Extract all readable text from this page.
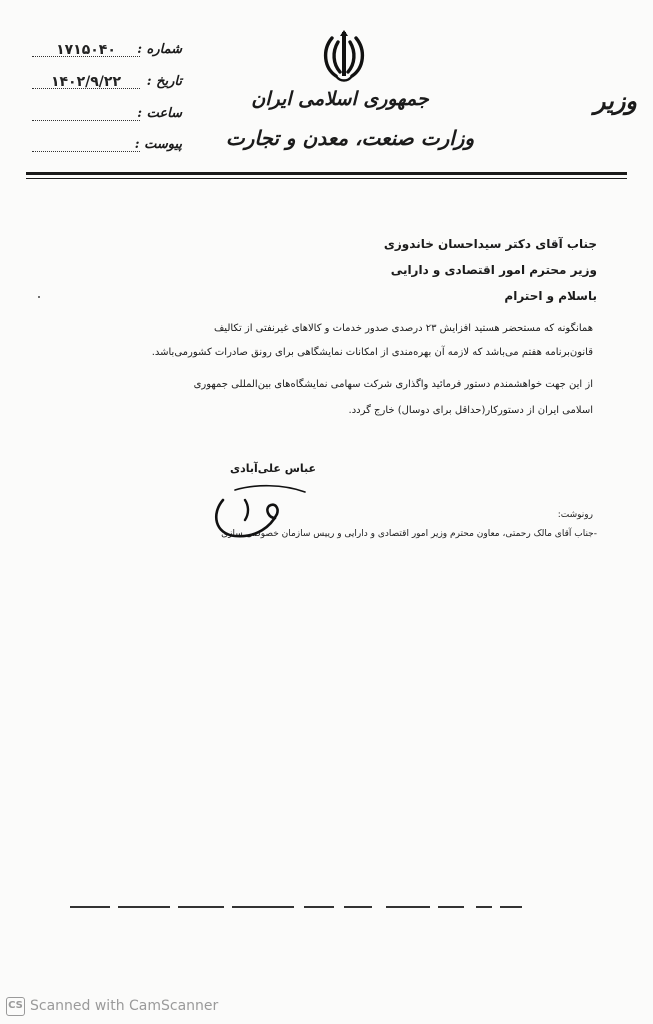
جمهوری اسلامی ایران
وزارت صنعت، معدن و تجارت
وزیر
شماره :
۱۷۱۵۰۴۰
تاریخ :
۱۴۰۲/۹/۲۲
ساعت :
پیوست :
جناب آقای دکتر سیداحسان خاندوزی
وزیر محترم امور اقتصادی و دارایی
باسلام و احترام
همانگونه که مستحضر هستید افزایش ۲۳ درصدی صدور خدمات و کالاهای غیرنفتی از تکالیف
قانون‌برنامه هفتم می‌باشد که لازمه آن بهره‌مندی از امکانات نمایشگاهی برای رونق صادرات کشورمی‌باشد.
از این جهت خواهشمندم دستور فرمائید واگذاری شرکت سهامی نمایشگاه‌های بین‌المللی جمهوری
اسلامی ایران از دستورکار(حداقل برای دوسال) خارج گردد.
عباس علی‌آبادی
رونوشت:
-جناب آقای مالک رحمتی، معاون محترم وزیر امور اقتصادی و دارایی و رییس سازمان خصوصی سازی
CS Scanned with CamScanner
